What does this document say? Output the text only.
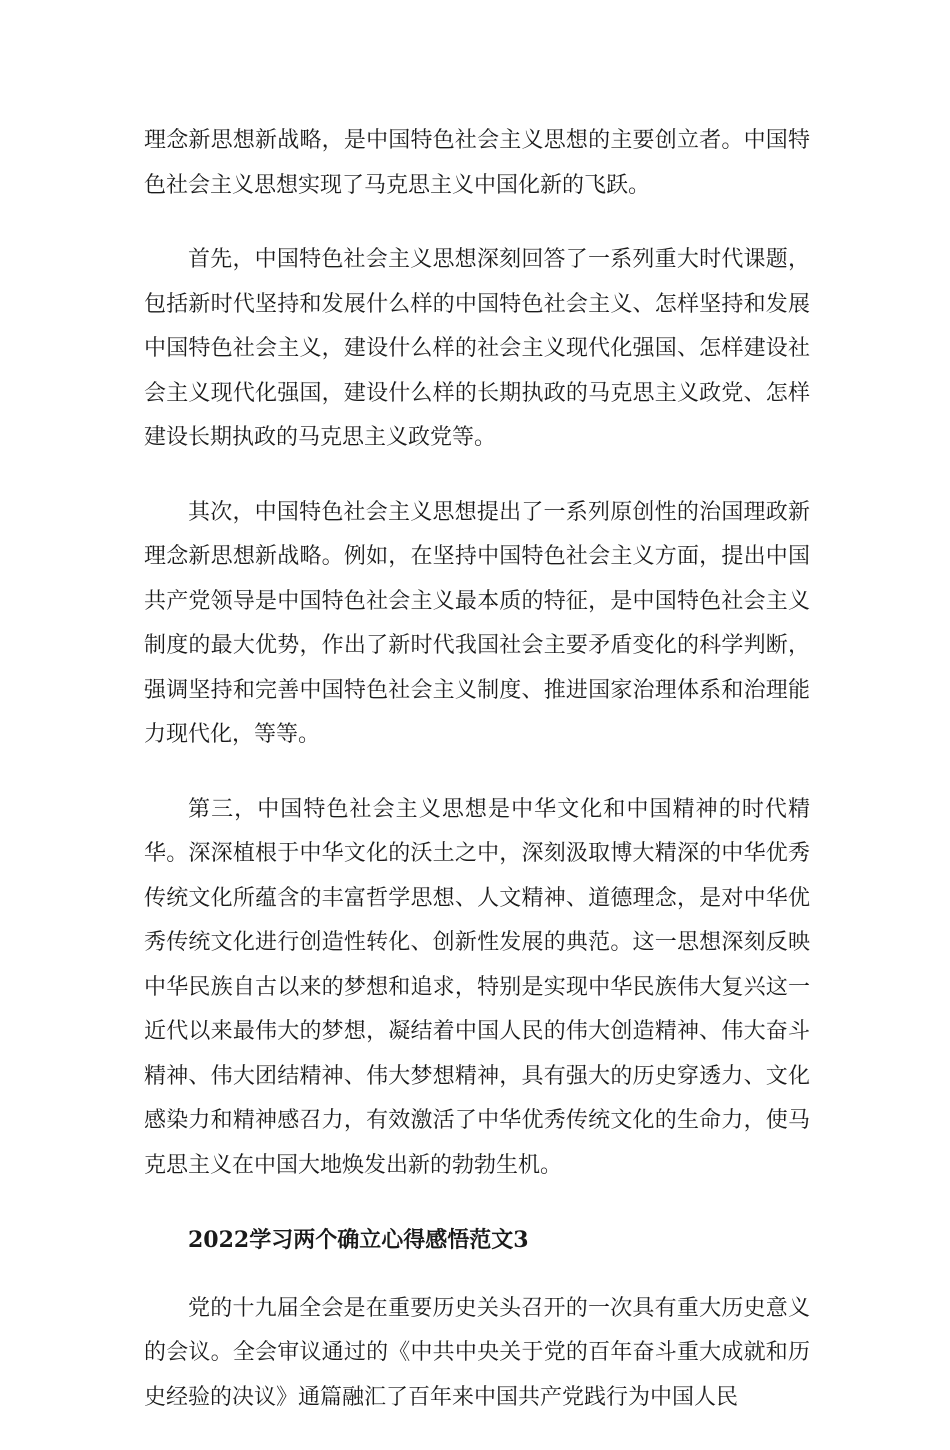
理念新思想新战略，是中国特色社会主义思想的主要创立者。中国特色社会主义思想实现了马克思主义中国化新的飞跃。

首先，中国特色社会主义思想深刻回答了一系列重大时代课题，包括新时代坚持和发展什么样的中国特色社会主义、怎样坚持和发展中国特色社会主义，建设什么样的社会主义现代化强国、怎样建设社会主义现代化强国，建设什么样的长期执政的马克思主义政党、怎样建设长期执政的马克思主义政党等。

其次，中国特色社会主义思想提出了一系列原创性的治国理政新理念新思想新战略。例如，在坚持中国特色社会主义方面，提出中国共产党领导是中国特色社会主义最本质的特征，是中国特色社会主义制度的最大优势，作出了新时代我国社会主要矛盾变化的科学判断，强调坚持和完善中国特色社会主义制度、推进国家治理体系和治理能力现代化，等等。

第三，中国特色社会主义思想是中华文化和中国精神的时代精华。深深植根于中华文化的沃土之中，深刻汲取博大精深的中华优秀传统文化所蕴含的丰富哲学思想、人文精神、道德理念，是对中华优秀传统文化进行创造性转化、创新性发展的典范。这一思想深刻反映中华民族自古以来的梦想和追求，特别是实现中华民族伟大复兴这一近代以来最伟大的梦想，凝结着中国人民的伟大创造精神、伟大奋斗精神、伟大团结精神、伟大梦想精神，具有强大的历史穿透力、文化感染力和精神感召力，有效激活了中华优秀传统文化的生命力，使马克思主义在中国大地焕发出新的勃勃生机。

2022学习两个确立心得感悟范文3

党的十九届全会是在重要历史关头召开的一次具有重大历史意义的会议。全会审议通过的《中共中央关于党的百年奋斗重大成就和历史经验的决议》通篇融汇了百年来中国共产党践行为中国人民
